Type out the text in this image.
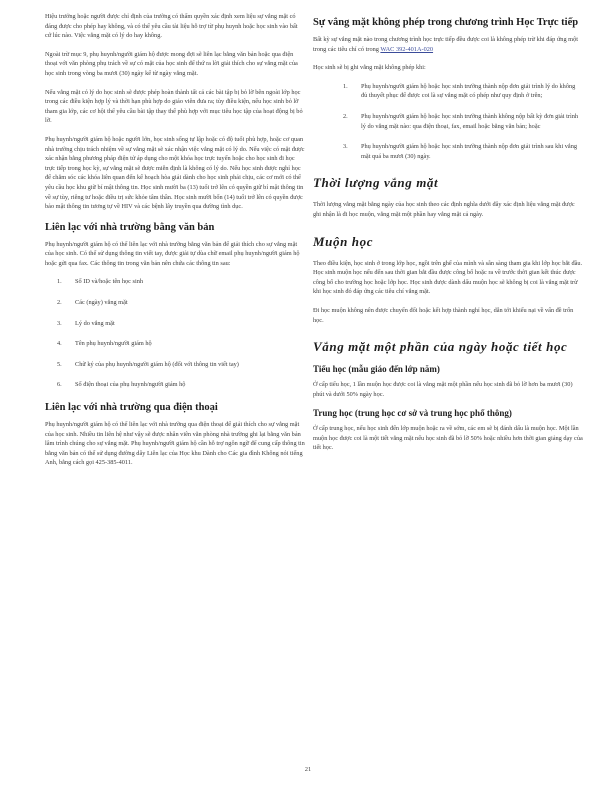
Hiệu trưởng hoặc người được chỉ định của trường có thẩm quyền xác định xem liệu sự vắng mặt có đáng được cho phép hay không, và có thể yêu cầu tài liệu hỗ trợ từ phụ huynh hoặc học sinh vào bất cứ lúc nào. Việc vắng mặt có lý do hay không.

Ngoài trừ mục 9, phụ huynh/người giám hộ được mong đợi sẽ liên lạc bằng văn bản hoặc qua điện thoại với văn phòng phụ trách về sự có mặt của học sinh để thứ ra lời giải thích cho sự vắng mặt của học sinh trong vòng ba mươi (30) ngày kể từ ngày vắng mặt.

Nếu vắng mặt có lý do học sinh sẽ được phép hoàn thành tất cả các bài tập bị bỏ lỡ bên ngoài lớp học trong các điều kiện hợp lý và thời hạn phù hợp do giáo viên đưa ra; tùy điều kiện, nếu học sinh bỏ lỡ tham gia lớp, các cơ hội thể yêu cầu bài tập thay thế phù hợp với mục tiêu học tập của hoạt động bị bỏ lỡ.

Phụ huynh/người giám hộ hoặc người lớn, học sinh sống tự lập hoặc có độ tuổi phù hợp, hoặc cơ quan nhà trường chịu trách nhiệm về sự vắng mặt sẽ xác nhận việc vắng mặt có lý do. Nếu việc có mặt được xác nhận bằng phương pháp điện tử áp dụng cho một khóa học trực tuyến hoặc cho học sinh đi học trực tiếp trong học kỳ, sự vắng mặt sẽ được miễn định là không có lý do. Nếu học sinh được nghỉ học để chăm sóc các khóa liên quan đến kế hoạch hòa giải dành cho học sinh phải chịu, các cơ mới có thể yêu cầu học khu giữ bí mật thông tin. Học sinh mười ba (13) tuổi trở lên có quyền giữ bí mật thông tin về sự tùy, riêng tư hoặc điều trị sức khỏe tâm thần. Học sinh mười bốn (14) tuổi trở lên có quyền được bảo mật thông tin tương tự về HIV và các bệnh lây truyền qua đường tình dục.

Liên lạc với nhà trường bằng văn bản

Phụ huynh/người giám hộ có thể liên lạc với nhà trường bằng văn bản để giải thích cho sự vắng mặt của học sinh. Có thể sử dụng thông tin viết tay, được giải tự dùa chữ email phụ huynh/người giám hộ hoặc gửi qua fax. Các thông tin trong văn bản nên chứa các thông tin sau:

1.	Số ID và/hoặc tên học sinh
2.	Các (ngày) vắng mặt
3.	Lý do vắng mặt
4.	Tên phụ huynh/người giám hộ
5.	Chữ ký của phụ huynh/người giám hộ (đối với thông tin viết tay)
6.	Số điện thoại của phụ huynh/người giám hộ
Liên lạc với nhà trường qua điện thoại

Phụ huynh/người giám hộ có thể liên lạc với nhà trường qua điện thoại để giải thích cho sự vắng mặt của học sinh. Nhiều tin liên hệ như vậy sẽ được nhân viên văn phòng nhà trường ghi lại bằng văn bản lâm trình chúng cho sự vắng mặt. Phụ huynh/người giám hộ cần hỗ trợ ngôn ngữ để cung cấp thông tin bằng văn bản có thể sử dụng đường dây Liên lạc của Học khu Dành cho Các gia đình Không nói tiếng Anh, bằng cách gọi 425-385-4011.

Sự vắng mặt không phép trong chương trình Học Trực tiếp

Bất kỳ sự vắng mặt nào trong chương trình học trực tiếp đều được coi là không phép trừ khi đáp ứng một trong các tiêu chí có trong WAC 392-401A-020

Học sinh sẽ bị ghi vắng mặt không phép khi:

1.	Phụ huynh/người giám hộ hoặc học sinh trường thành nộp đơn giải trình lý do không đủ thuyết phục để được coi là sự vắng mặt có phép như quy định ở trên;
2.	Phụ huynh/người giám hộ hoặc học sinh trường thành không nộp bất kỳ đơn giải trình lý do vắng mặt nào: qua điện thoại, fax, email hoặc bằng văn bản; hoặc
3.	Phụ huynh/người giám hộ hoặc học sinh trường thành nộp đơn giải trình sau khi vắng mặt quá ba mươi (30) ngày.
Thời lượng vắng mặt

Thời lượng vắng mặt bằng ngày của học sinh theo các định nghĩa dưới đây xác định liệu vắng mặt được ghi nhận là đi học muộn, vắng mặt một phần hay vắng mặt cả ngày.

Muộn học

Theo điều kiện, học sinh ở trong lớp học, ngồi trên ghế của mình và sẵn sàng tham gia khi lớp học bắt đầu. Học sinh muộn học nếu đến sau thời gian bắt đầu được công bố hoặc ra về trước thời gian kết thúc được công bố cho trường học hoặc lớp học. Học sinh được dành dấu muộn học sẽ không bị coi là vắng mặt trừ khi học sinh đó đáp ứng các tiêu chí vắng mặt.

Đi học muộn không nên được chuyển đổi hoặc kết hợp thành nghỉ học, dẫn tới khiếu nại về vấn đề trốn học.

Vắng mặt một phần của ngày hoặc tiết học
Tiểu học (mẫu giáo đến lớp năm)

Ở cấp tiểu học, 1 lần muộn học được coi là vắng mặt một phần nếu học sinh đã bỏ lỡ hơn ba mươi (30) phút và dưới 50% ngày học.

Trung học (trung học cơ sở và trung học phổ thông)

Ở cấp trung học, nếu học sinh đến lớp muộn hoặc ra về sớm, các em sẽ bị đánh dấu là muộn học. Một lần muộn học được coi là một tiết vắng mặt nếu học sinh đã bỏ lỡ 50% hoặc nhiều hơn thời gian giảng dạy của tiết học.

21
